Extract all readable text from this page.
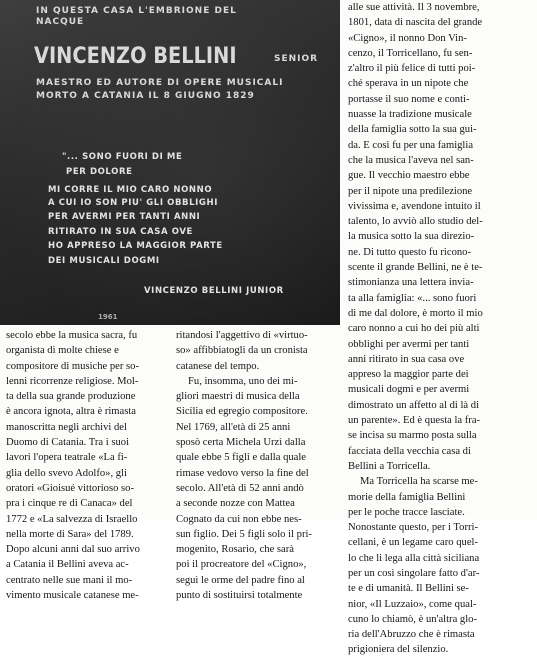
IN QUESTA CASA L'EMBRIONE DEL
NACQUE
VINCENZO BELLINI	SENIOR
MAESTRO ED AUTORE DI OPERE MUSICALI
MORTO A CATANIA IL 8 GIUGNO 1829
"... SONO FUORI DI ME
PER DOLORE
MI CORRE IL MIO CARO NONNO
A CUI IO SON PIU' GLI OBBLIGHI
PER AVERMI PER TANTI ANNI
RITIRATO IN SUA CASA OVE
HO APPRESO LA MAGGIOR PARTE
DEI MUSICALI DOGMI
VINCENZO BELLINI JUNIOR
1961
alle sue attività. Il 3 novembre,
1801, data di nascita del grande
«Cigno», il nonno Don Vin-
cenzo, il Torricellano, fu sen-
z'altro il più felice di tutti poi-
ché sperava in un nipote che
portasse il suo nome e conti-
nuasse la tradizione musicale
della famiglia sotto la sua gui-
da. E così fu per una famiglia
che la musica l'aveva nel san-
gue. Il vecchio maestro ebbe
per il nipote una predilezione
vivissima e, avendone intuito il
talento, lo avviò allo studio del-
la musica sotto la sua direzio-
ne. Di tutto questo fu ricono-
scente il grande Bellini, ne è te-
stimonianza una lettera invia-
ta alla famiglia: «... sono fuori
di me dal dolore, è morto il mio
caro nonno a cui ho dei più alti
obblighi per avermi per tanti
anni ritirato in sua casa ove
appreso la maggior parte dei
musicali dogmi e per avermi
dimostrato un affetto al di là di
un parente». Ed è questa la fra-
se incisa su marmo posta sulla
facciata della vecchia casa di
Bellini a Torricella.
Ma Torricella ha scarse me-
morie della famiglia Bellini
per le poche tracce lasciate.
Nonostante questo, per i Torri-
cellani, è un legame caro quel-
lo che li lega alla città siciliana
per un così singolare fatto d'ar-
te e di umanità. Il Bellini se-
nior, «Il Luzzaio», come qual-
cuno lo chiamò, è un'altra glo-
ria dell'Abruzzo che è rimasta
prigioniera del silenzio.
secolo ebbe la musica sacra, fu
organista di molte chiese e
compositore di musiche per so-
lenni ricorrenze religiose. Mol-
ta della sua grande produzione
è ancora ignota, altra è rimasta
manoscritta negli archivi del
Duomo di Catania. Tra i suoi
lavori l'opera teatrale «La fi-
glia dello svevo Adolfo», gli
oratori «Gioisué vittorioso so-
pra i cinque re di Canaca» del
1772 e «La salvezza di Israello
nella morte di Sara» del 1789.
Dopo alcuni anni dal suo arrivo
a Catania il Bellini aveva ac-
centrato nelle sue mani il mo-
vimento musicale catanese me-
ritandosi l'aggettivo di «virtuo-
so» affibbiatogli da un cronista
catanese del tempo.
Fu, insomma, uno dei mi-
gliori maestri di musica della
Sicilia ed egregio compositore.
Nel 1769, all'età di 25 anni
sposò certa Michela Urzì dalla
quale ebbe 5 figli e dalla quale
rimase vedovo verso la fine del
secolo. All'età di 52 anni andò
a seconde nozze con Mattea
Cognato da cui non ebbe nes-
sun figlio. Dei 5 figli solo il pri-
mogenito, Rosario, che sarà
poi il procreatore del «Cigno»,
seguì le orme del padre fino al
punto di sostituirsi totalmente
